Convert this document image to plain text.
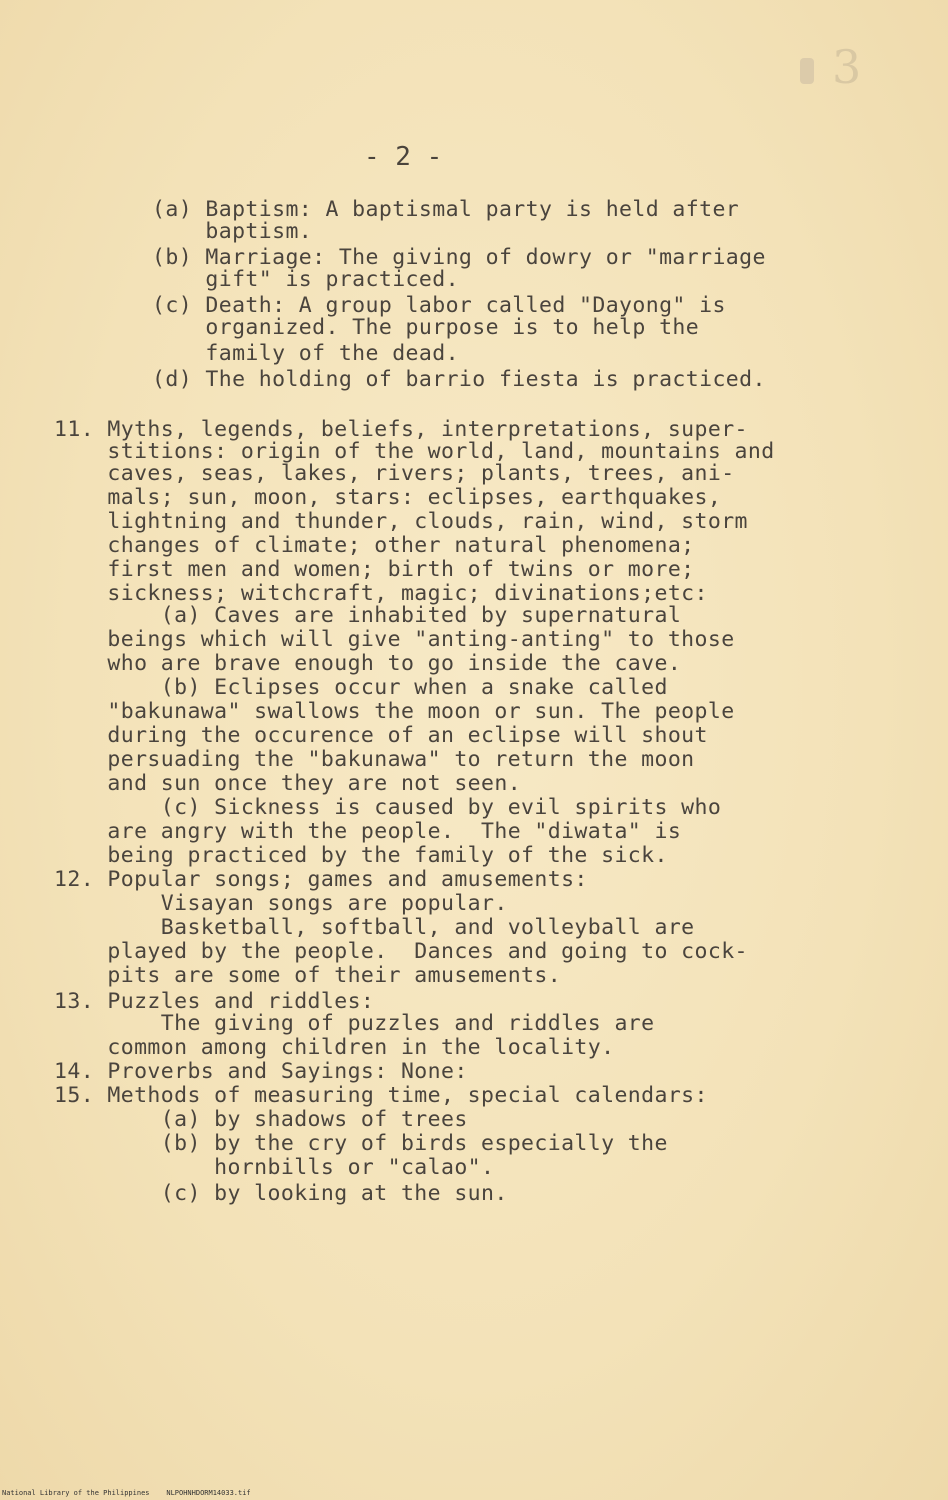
3
- 2 -
(a) Baptism: A baptismal party is held after
baptism.
(b) Marriage: The giving of dowry or "marriage
gift" is practiced.
(c) Death: A group labor called "Dayong" is
organized. The purpose is to help the
family of the dead.
(d) The holding of barrio fiesta is practiced.
11. Myths, legends, beliefs, interpretations, super-
stitions: origin of the world, land, mountains and
caves, seas, lakes, rivers; plants, trees, ani-
mals; sun, moon, stars: eclipses, earthquakes,
lightning and thunder, clouds, rain, wind, storm
changes of climate; other natural phenomena;
first men and women; birth of twins or more;
sickness; witchcraft, magic; divinations;etc:
(a) Caves are inhabited by supernatural
beings which will give "anting-anting" to those
who are brave enough to go inside the cave.
(b) Eclipses occur when a snake called
"bakunawa" swallows the moon or sun. The people
during the occurence of an eclipse will shout
persuading the "bakunawa" to return the moon
and sun once they are not seen.
(c) Sickness is caused by evil spirits who
are angry with the people.  The "diwata" is
being practiced by the family of the sick.
12. Popular songs; games and amusements:
Visayan songs are popular.
Basketball, softball, and volleyball are
played by the people.  Dances and going to cock-
pits are some of their amusements.
13. Puzzles and riddles:
The giving of puzzles and riddles are
common among children in the locality.
14. Proverbs and Sayings: None:
15. Methods of measuring time, special calendars:
(a) by shadows of trees
(b) by the cry of birds especially the
hornbills or "calao".
(c) by looking at the sun.
National Library of the Philippines    NLPOHNHDORM14033.tif
